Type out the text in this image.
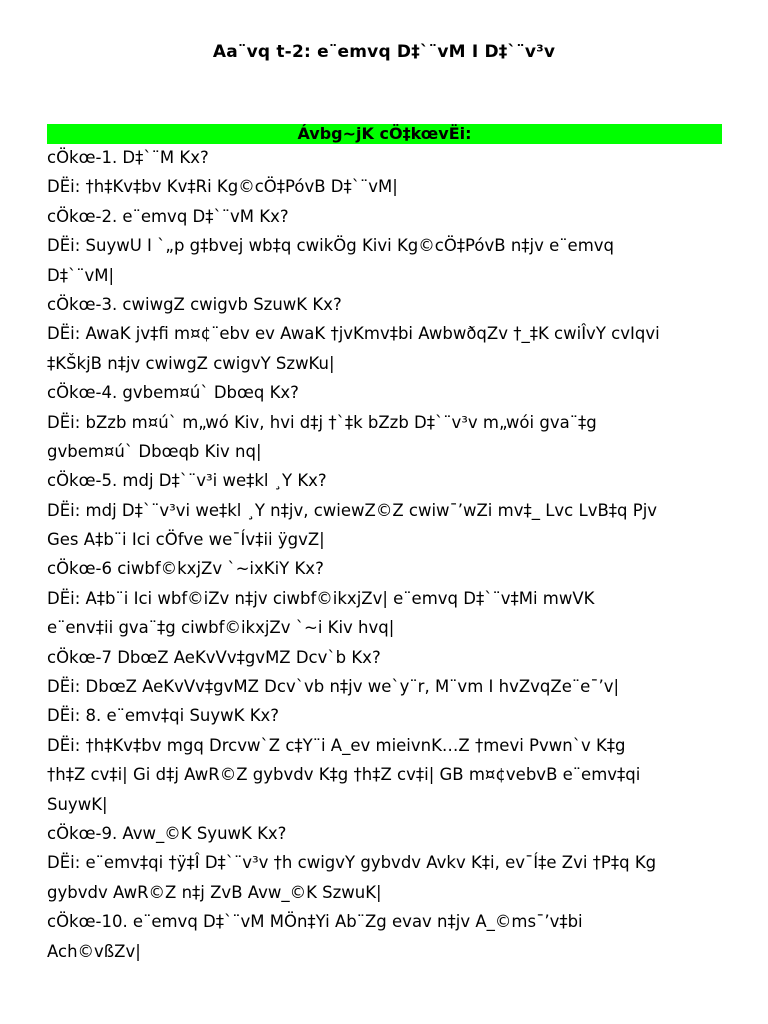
Aa¨vq t-2: e¨emvq D‡`¨vM I D‡`¨v³v
Ávbg~jK cÖ‡kœvËi:
cÖkœ-1. D‡`¨M Kx?
DËi: †h‡Kv‡bv Kv‡Ri Kg©cÖ‡PóvB D‡`¨vM|
cÖkœ-2. e¨emvq D‡`¨vM Kx?
DËi: SuywU I `„p g‡bvej wb‡q cwikÖg Kivi Kg©cÖ‡PóvB n‡jv e¨emvq
D‡`¨vM|
cÖkœ-3. cwiwgZ cwigvb SzuwK Kx?
DËi: AwaK jv‡fi m¤¢¨ebv ev AwaK †jvKmv‡bi AwbwðqZv †_‡K cwiÎvY cvIqvi
‡KŠkjB n‡jv cwiwgZ cwigvY SzwKu|
cÖkœ-4. gvbem¤ú` Dbœq Kx?
DËi: bZzb m¤ú` m„wó Kiv, hvi d‡j †`‡k bZzb D‡`¨v³v m„wói gva¨‡g
gvbem¤ú` Dbœqb Kiv nq|
cÖkœ-5. mdj D‡`¨v³i we‡kl ¸Y Kx?
DËi: mdj D‡`¨v³vi we‡kl ¸Y n‡jv, cwiewZ©Z cwiw¯’wZi mv‡_ Lvc LvB‡q Pjv
Ges A‡b¨i Ici cÖfve we¯Ív‡ii ÿgvZ|
cÖkœ-6 ciwbf©kxjZv `~ixKiY Kx?
DËi: A‡b¨i Ici wbf©iZv n‡jv ciwbf©ikxjZv| e¨emvq D‡`¨v‡Mi mwVK
e¨env‡ii gva¨‡g ciwbf©ikxjZv `~i Kiv hvq|
cÖkœ-7 DbœZ AeKvVv‡gvMZ Dcv`b Kx?
DËi: DbœZ AeKvVv‡gvMZ Dcv`vb n‡jv we`y¨r, M¨vm I hvZvqZe¨e¯’v|
DËi: 8. e¨emv‡qi SuywK Kx?
DËi: †h‡Kv‡bv mgq Drcvw`Z c‡Y¨i A_ev mieivnK…Z †mevi Pvwn`v K‡g
†h‡Z cv‡i| Gi d‡j AwR©Z gybvdv K‡g †h‡Z cv‡i| GB m¤¢vebvB e¨emv‡qi
SuywK|
cÖkœ-9. Avw_©K SyuwK Kx?
DËi: e¨emv‡qi †ÿ‡Î D‡`¨v³v †h cwigvY gybvdv Avkv K‡i, ev¯Í‡e Zvi †P‡q Kg
gybvdv AwR©Z n‡j ZvB Avw_©K SzwuK|
cÖkœ-10. e¨emvq D‡`¨vM MÖn‡Yi Ab¨Zg evav n‡jv A_©ms¯’v‡bi
Ach©vßZv|
